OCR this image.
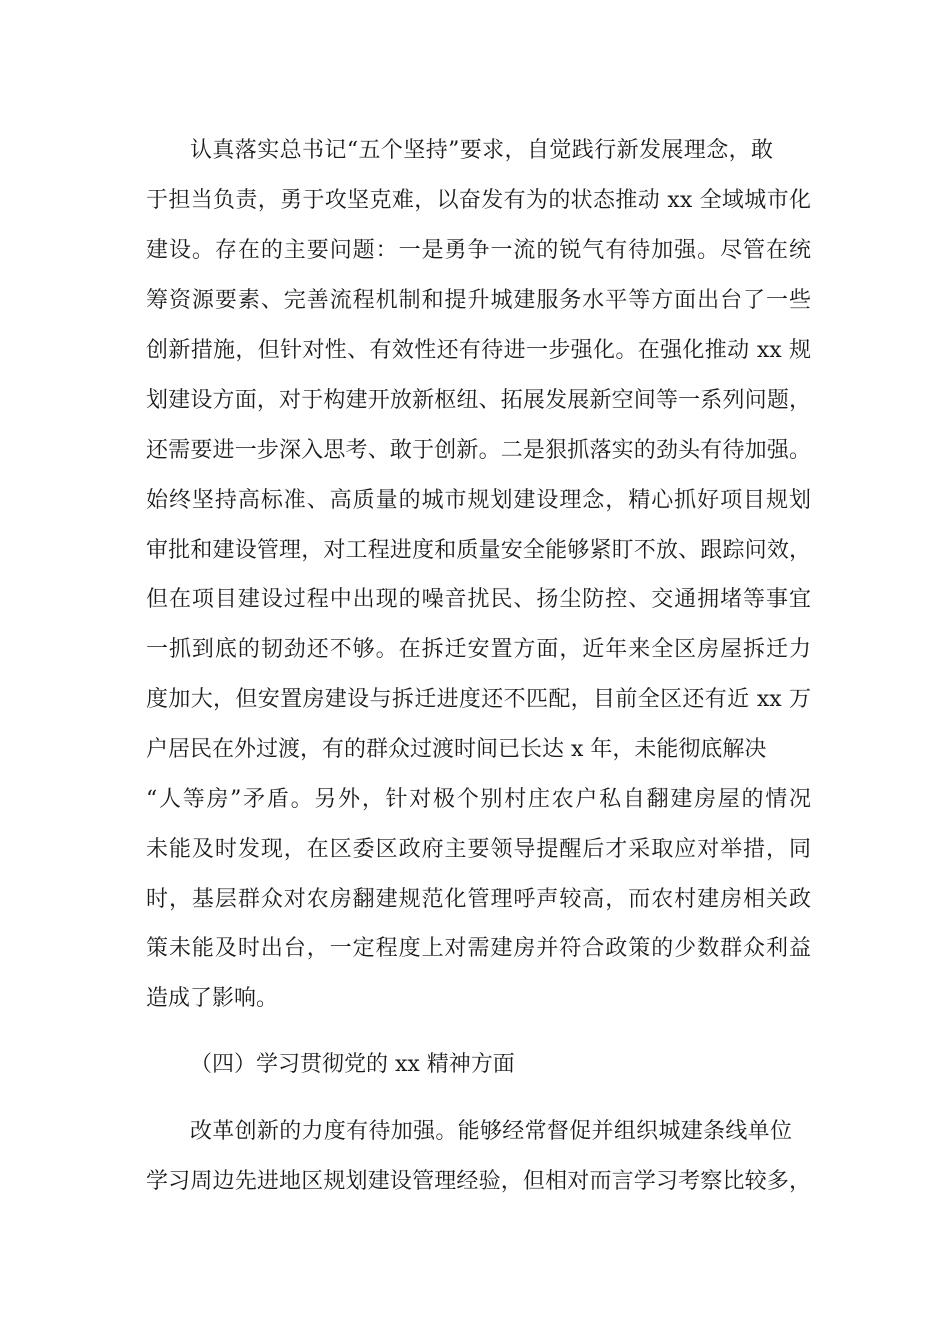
认真落实总书记“五个坚持”要求，自觉践行新发展理念，敢
于担当负责，勇于攻坚克难，以奋发有为的状态推动 xx 全域城市化
建设。存在的主要问题：一是勇争一流的锐气有待加强。尽管在统
筹资源要素、完善流程机制和提升城建服务水平等方面出台了一些
创新措施，但针对性、有效性还有待进一步强化。在强化推动 xx 规
划建设方面，对于构建开放新枢纽、拓展发展新空间等一系列问题，
还需要进一步深入思考、敢于创新。二是狠抓落实的劲头有待加强。
始终坚持高标准、高质量的城市规划建设理念，精心抓好项目规划
审批和建设管理，对工程进度和质量安全能够紧盯不放、跟踪问效，
但在项目建设过程中出现的噪音扰民、扬尘防控、交通拥堵等事宜
一抓到底的韧劲还不够。在拆迁安置方面，近年来全区房屋拆迁力
度加大，但安置房建设与拆迁进度还不匹配，目前全区还有近 xx 万
户居民在外过渡，有的群众过渡时间已长达 x 年，未能彻底解决
“人等房”矛盾。另外，针对极个别村庄农户私自翻建房屋的情况
未能及时发现，在区委区政府主要领导提醒后才采取应对举措，同
时，基层群众对农房翻建规范化管理呼声较高，而农村建房相关政
策未能及时出台，一定程度上对需建房并符合政策的少数群众利益
造成了影响。
（四）学习贯彻党的 xx 精神方面
改革创新的力度有待加强。能够经常督促并组织城建条线单位
学习周边先进地区规划建设管理经验，但相对而言学习考察比较多，
